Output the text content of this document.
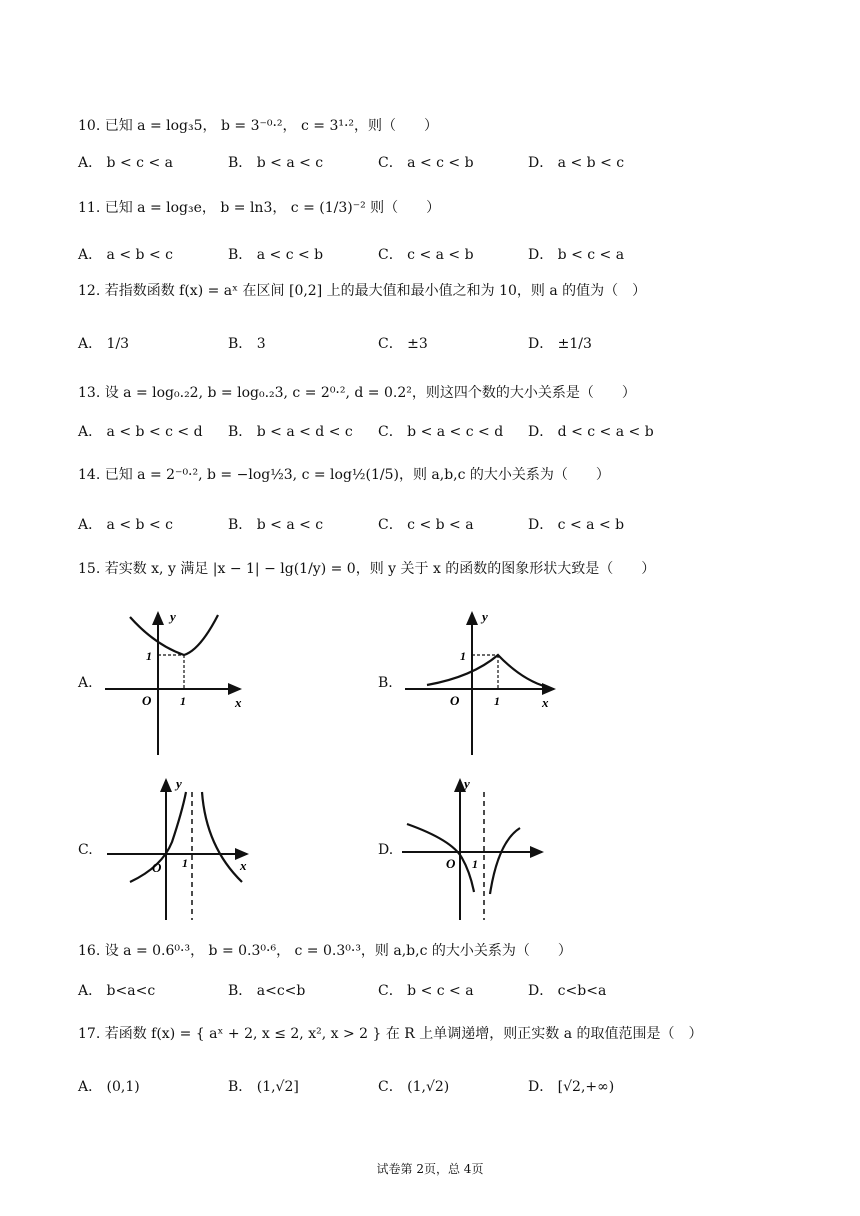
10. 已知 a = log₃5， b = 3⁻⁰·²， c = 3¹·²，则（　　）
A． b < c < a	B． b < a < c	C． a < c < b	D． a < b < c
11. 已知 a = log₃e， b = ln3， c = (1/3)⁻² 则（　　）
A． a < b < c	B． a < c < b	C． c < a < b	D． b < c < a
12. 若指数函数 f(x) = aˣ 在区间 [0,2] 上的最大值和最小值之和为 10，则 a 的值为（　）
A． 1/3	B． 3	C． ±3	D． ±1/3
13. 设 a = log₀.₂2, b = log₀.₂3, c = 2⁰·², d = 0.2²，则这四个数的大小关系是（　　）
A． a < b < c < d B． b < a < d < c C． b < a < c < d D． d < c < a < b
14. 已知 a = 2⁻⁰·², b = −log½3, c = log½(1/5)，则 a,b,c 的大小关系为（　　）
A． a < b < c	B． b < a < c	C． c < b < a	D． c < a < b
15. 若实数 x, y 满足 |x − 1| − lg(1/y) = 0，则 y 关于 x 的函数的图象形状大致是（　　）
A.
y
x
O 1
1
B.
y
x
O	1
1
C.
y
x
O 1
D.
y
O 1
16. 设 a = 0.6⁰·³， b = 0.3⁰·⁶， c = 0.3⁰·³，则 a,b,c 的大小关系为（　　）
A． b<a<c	B． a<c<b	C． b < c < a	D． c<b<a
17. 若函数 f(x) = { aˣ + 2, x ≤ 2, x², x > 2 } 在 R 上单调递增，则正实数 a 的取值范围是（　）
A． (0,1)	B． (1,√2]	C． (1,√2)	D． [√2,+∞)
试卷第 2页，总 4页
